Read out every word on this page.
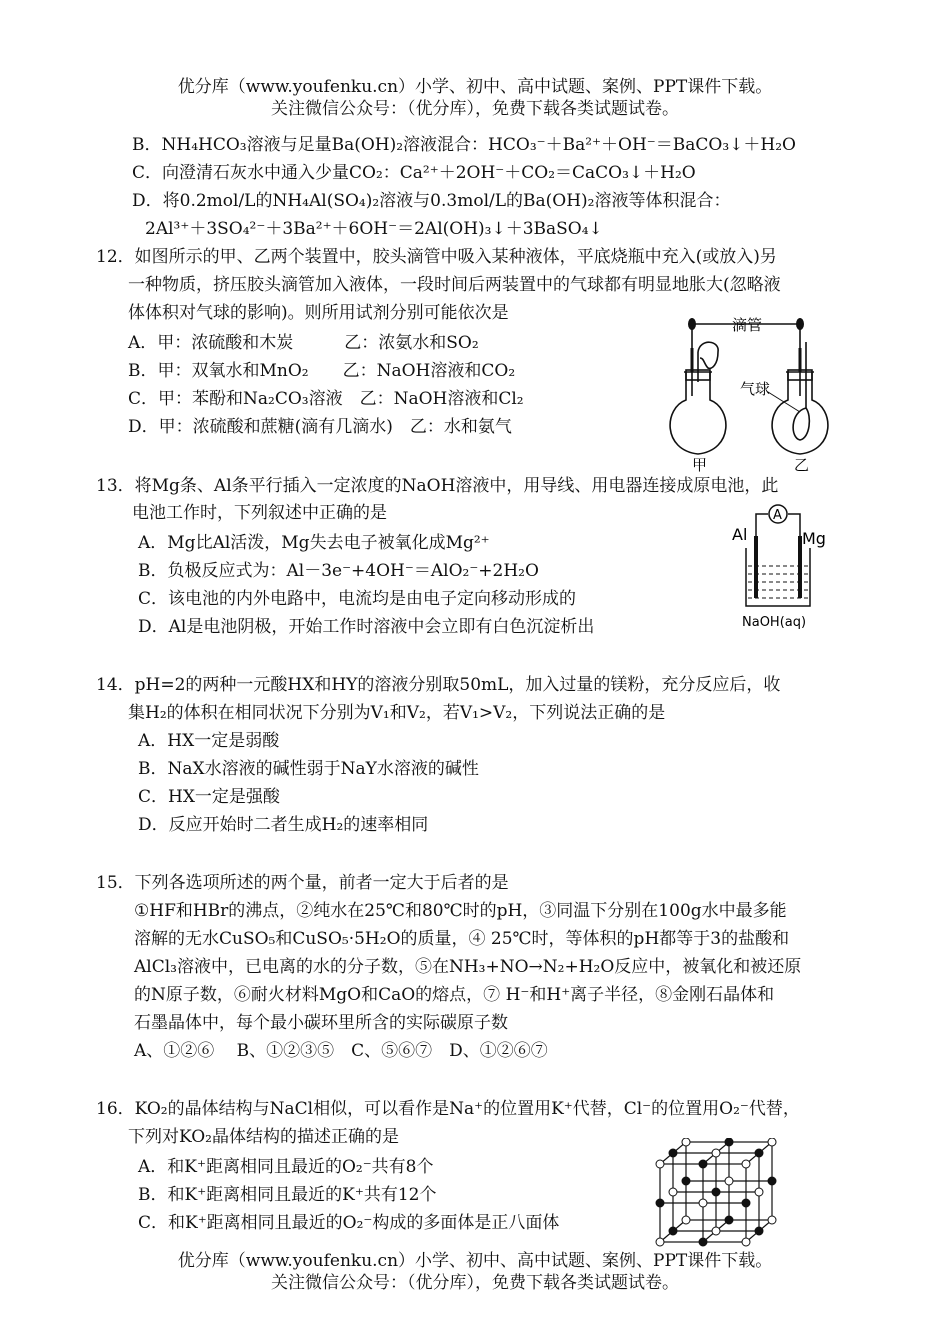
优分库（www.youfenku.cn）小学、初中、高中试题、案例、PPT课件下载。
关注微信公众号：（优分库），免费下载各类试题试卷。
B．NH₄HCO₃溶液与足量Ba(OH)₂溶液混合：HCO₃⁻＋Ba²⁺＋OH⁻＝BaCO₃↓＋H₂O
C．向澄清石灰水中通入少量CO₂：Ca²⁺＋2OH⁻＋CO₂＝CaCO₃↓＋H₂O
D．将0.2mol/L的NH₄Al(SO₄)₂溶液与0.3mol/L的Ba(OH)₂溶液等体积混合：
2Al³⁺＋3SO₄²⁻＋3Ba²⁺＋6OH⁻＝2Al(OH)₃↓＋3BaSO₄↓
12．如图所示的甲、乙两个装置中，胶头滴管中吸入某种液体，平底烧瓶中充入(或放入)另
一种物质，挤压胶头滴管加入液体，一段时间后两装置中的气球都有明显地胀大(忽略液
体体积对气球的影响)。则所用试剂分别可能依次是
A．甲：浓硫酸和木炭　　　乙：浓氨水和SO₂
B．甲：双氧水和MnO₂　　乙：NaOH溶液和CO₂
C．甲：苯酚和Na₂CO₃溶液　乙：NaOH溶液和Cl₂
D．甲：浓硫酸和蔗糖(滴有几滴水)　乙：水和氨气
滴管
气球
甲	乙
13．将Mg条、Al条平行插入一定浓度的NaOH溶液中，用导线、用电器连接成原电池，此
电池工作时，下列叙述中正确的是
A．Mg比Al活泼，Mg失去电子被氧化成Mg²⁺
B．负极反应式为：Al－3e⁻+4OH⁻＝AlO₂⁻+2H₂O
C．该电池的内外电路中，电流均是由电子定向移动形成的
D．Al是电池阴极，开始工作时溶液中会立即有白色沉淀析出
A
Al	Mg
NaOH(aq)
14．pH=2的两种一元酸HX和HY的溶液分别取50mL，加入过量的镁粉，充分反应后，收
集H₂的体积在相同状况下分别为V₁和V₂，若V₁>V₂，下列说法正确的是
A．HX一定是弱酸
B．NaX水溶液的碱性弱于NaY水溶液的碱性
C．HX一定是强酸
D．反应开始时二者生成H₂的速率相同
15．下列各选项所述的两个量，前者一定大于后者的是
①HF和HBr的沸点，②纯水在25℃和80℃时的pH，③同温下分别在100g水中最多能
溶解的无水CuSO₅和CuSO₅·5H₂O的质量，④ 25℃时，等体积的pH都等于3的盐酸和
AlCl₃溶液中，已电离的水的分子数，⑤在NH₃+NO→N₂+H₂O反应中，被氧化和被还原
的N原子数，⑥耐火材料MgO和CaO的熔点，⑦ H⁻和H⁺离子半径，⑧金刚石晶体和
石墨晶体中，每个最小碳环里所含的实际碳原子数
A、①②⑥　 B、①②③⑤　C、⑤⑥⑦　D、①②⑥⑦
16．KO₂的晶体结构与NaCl相似，可以看作是Na⁺的位置用K⁺代替，Cl⁻的位置用O₂⁻代替，
下列对KO₂晶体结构的描述正确的是
A．和K⁺距离相同且最近的O₂⁻共有8个
B．和K⁺距离相同且最近的K⁺共有12个
C．和K⁺距离相同且最近的O₂⁻构成的多面体是正八面体
优分库（www.youfenku.cn）小学、初中、高中试题、案例、PPT课件下载。
关注微信公众号：（优分库），免费下载各类试题试卷。
